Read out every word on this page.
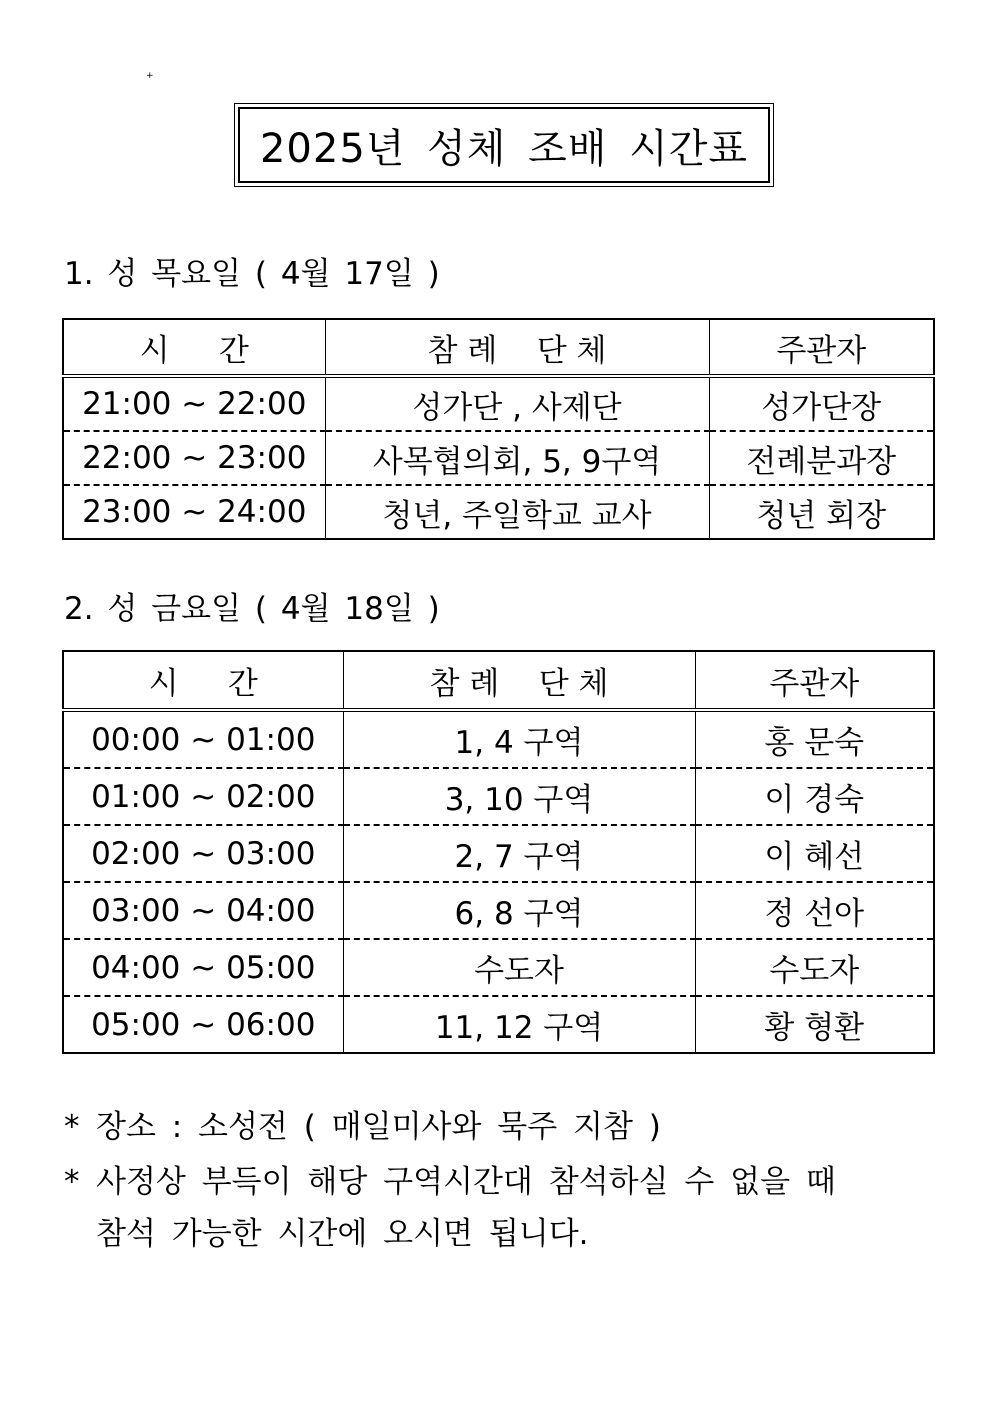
+
2025년 성체 조배 시간표
1. 성 목요일 ( 4월 17일 )
시     간	참 례    단 체	주관자
21:00 ~ 22:00	성가단 , 사제단	성가단장
22:00 ~ 23:00	사목협의회, 5, 9구역	전례분과장
23:00 ~ 24:00	청년, 주일학교 교사	청년 회장
2. 성 금요일 ( 4월 18일 )
시     간	참 례    단 체	주관자
00:00 ~ 01:00	1, 4 구역	홍 문숙
01:00 ~ 02:00	3, 10 구역	이 경숙
02:00 ~ 03:00	2, 7 구역	이 혜선
03:00 ~ 04:00	6, 8 구역	정 선아
04:00 ~ 05:00	수도자	수도자
05:00 ~ 06:00	11, 12 구역	황 형환
* 장소 : 소성전 ( 매일미사와 묵주 지참 )
* 사정상 부득이 해당 구역시간대 참석하실 수 없을 때
참석 가능한 시간에 오시면 됩니다.
